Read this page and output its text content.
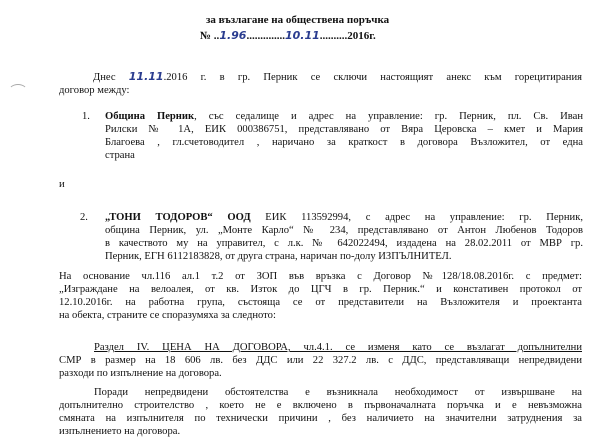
за възлагане на обществена поръчка
№ ..1.96..............10.11..........2016г.
Днес 11.11.2016 г. в гр. Перник се сключи настоящият анекс към горецитирания
договор между:
1. Община Перник, със седалище и адрес на управление: гр. Перник, пл. Св. Иван
Рилски № 1А, ЕИК 000386751, представлявано от Вяра Церовска – кмет и Мария
Благоева , гл.счетоводител , наричано за краткост в договора Възложител, от една
страна
и
2. „ТОНИ ТОДОРОВ“ ООД ЕИК 113592994, с адрес на управление: гр. Перник,
община Перник, ул. „Монте Карло“ № 234, представлявано от Антон Любенов Тодоров
в качеството му на управител, с л.к. № 642022494, издадена на 28.02.2011 от МВР гр.
Перник, ЕГН 6112183828, от друга страна, наричан по-долу ИЗПЪЛНИТЕЛ.
На основание чл.116 ал.1 т.2 от ЗОП във връзка с Договор №128/18.08.2016г. с предмет:
„Изграждане на велоалея, от кв. Изток до ЦГЧ в гр. Перник.“ и констативен протокол от
12.10.2016г. на работна група, състояща се от представители на Възложителя и проектанта
на обекта, страните се споразумяха за следното:
Раздел IV. ЦЕНА НА ДОГОВОРА, чл.4.1. се изменя като се възлагат допълнителни
СМР в размер на 18 606 лв. без ДДС или 22 327.2 лв. с ДДС, представляващи непредвидени
разходи по изпълнение на договора.
Поради непредвидени обстоятелства е възникнала необходимост от извършване на
допълнително строителство , което не е включено в първоначалната поръчка и е невъзможна
смяната на изпълнителя по технически причини , без наличието на значителни затруднения за
изпълнението на договора.
